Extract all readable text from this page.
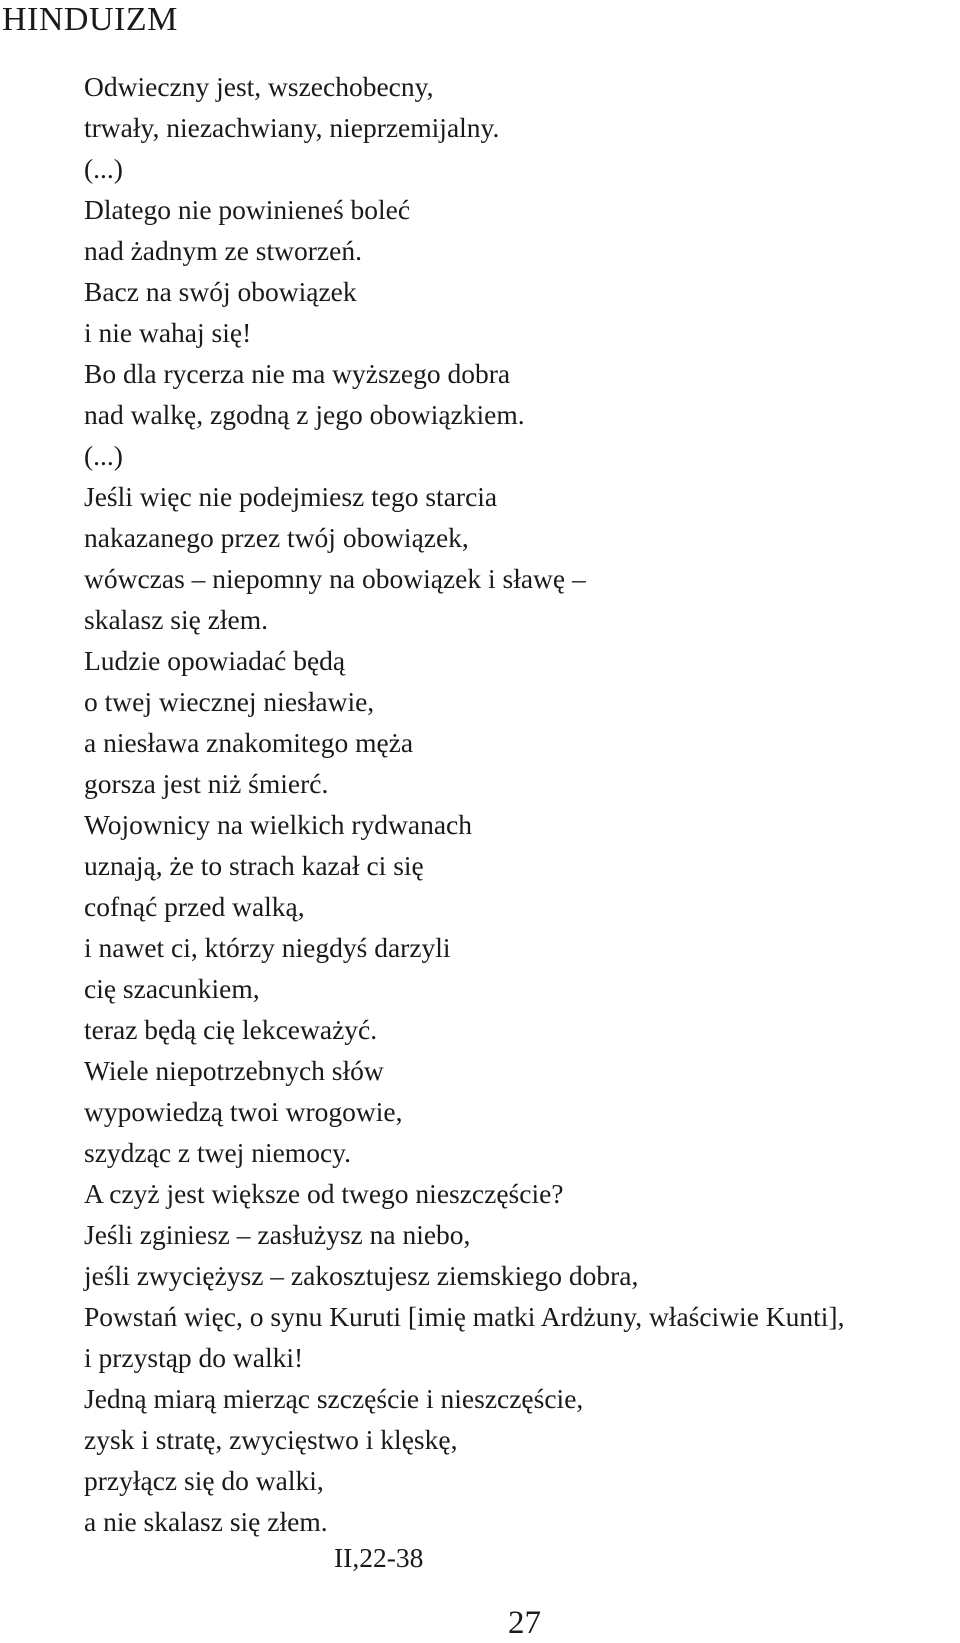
HINDUIZM
Odwieczny jest, wszechobecny,
trwały, niezachwiany, nieprzemijalny.
(...)
Dlatego nie powinieneś boleć
nad żadnym ze stworzeń.
Bacz na swój obowiązek
i nie wahaj się!
Bo dla rycerza nie ma wyższego dobra
nad walkę, zgodną z jego obowiązkiem.
(...)
Jeśli więc nie podejmiesz tego starcia
nakazanego przez twój obowiązek,
wówczas – niepomny na obowiązek i sławę –
skalasz się złem.
Ludzie opowiadać będą
o twej wiecznej niesławie,
a niesława znakomitego męża
gorsza jest niż śmierć.
Wojownicy na wielkich rydwanach
uznają, że to strach kazał ci się
cofnąć przed walką,
i nawet ci, którzy niegdyś darzyli
cię szacunkiem,
teraz będą cię lekceważyć.
Wiele niepotrzebnych słów
wypowiedzą twoi wrogowie,
szydząc z twej niemocy.
A czyż jest większe od twego nieszczęście?
Jeśli zginiesz – zasłużysz na niebo,
jeśli zwyciężysz – zakosztujesz ziemskiego dobra,
Powstań więc, o synu Kuruti [imię matki Ardżuny, właściwie Kunti],
i przystąp do walki!
Jedną miarą mierząc szczęście i nieszczęście,
zysk i stratę, zwycięstwo i klęskę,
przyłącz się do walki,
a nie skalasz się złem.
II,22-38
27
